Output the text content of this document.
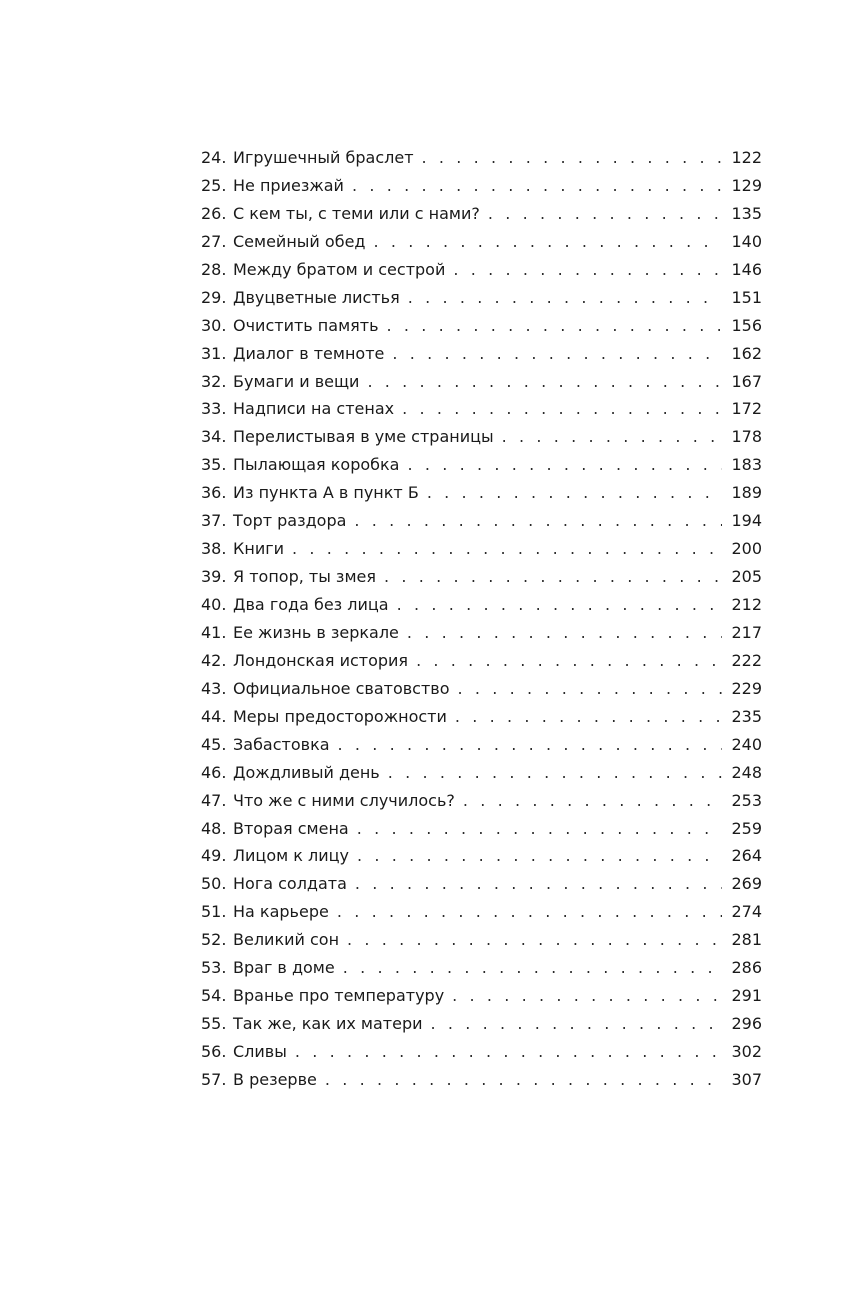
24. Игрушечный браслет . . .	122
25. Не приезжай . . .	129
26. С кем ты, с теми или с нами? . . .	135
27. Семейный обед . . .	140
28. Между братом и сестрой . . .	146
29. Двуцветные листья . . .	151
30. Очистить память . . .	156
31. Диалог в темноте . . .	162
32. Бумаги и вещи . . .	167
33. Надписи на стенах . . .	172
34. Перелистывая в уме страницы . . .	178
35. Пылающая коробка . . .	183
36. Из пункта А в пункт Б . . .	189
37. Торт раздора . . .	194
38. Книги . . .	200
39. Я топор, ты змея . . .	205
40. Два года без лица . . .	212
41. Ее жизнь в зеркале . . .	217
42. Лондонская история . . .	222
43. Официальное сватовство . . .	229
44. Меры предосторожности . . .	235
45. Забастовка . . .	240
46. Дождливый день . . .	248
47. Что же с ними случилось? . . .	253
48. Вторая смена . . .	259
49. Лицом к лицу . . .	264
50. Нога солдата . . .	269
51. На карьере . . .	274
52. Великий сон . . .	281
53. Враг в доме . . .	286
54. Вранье про температуру . . .	291
55. Так же, как их матери . . .	296
56. Сливы . . .	302
57. В резерве . . .	307
